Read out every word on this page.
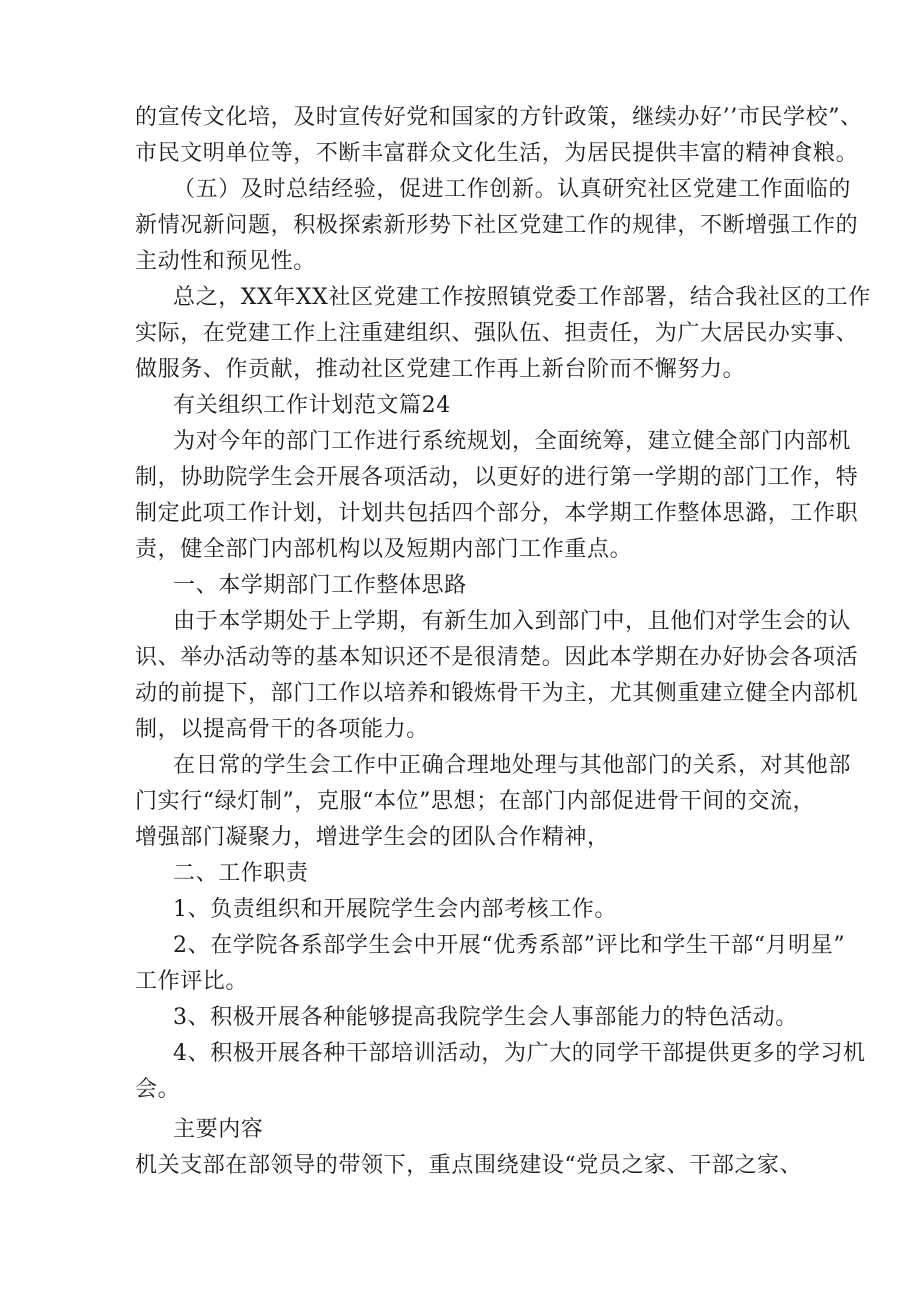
的宣传文化培，及时宣传好党和国家的方针政策，继续办好’’市民学校”、
市民文明单位等，不断丰富群众文化生活，为居民提供丰富的精神食粮。
（五）及时总结经验，促进工作创新。认真研究社区党建工作面临的
新情况新问题，积极探索新形势下社区党建工作的规律，不断增强工作的
主动性和预见性。
总之，XX年XX社区党建工作按照镇党委工作部署，结合我社区的工作
实际，在党建工作上注重建组织、强队伍、担责任，为广大居民办实事、
做服务、作贡献，推动社区党建工作再上新台阶而不懈努力。
有关组织工作计划范文篇24
为对今年的部门工作进行系统规划，全面统筹，建立健全部门内部机
制，协助院学生会开展各项活动，以更好的进行第一学期的部门工作，特
制定此项工作计划，计划共包括四个部分，本学期工作整体思潞，工作职
责，健全部门内部机构以及短期内部门工作重点。
一、本学期部门工作整体思路
由于本学期处于上学期，有新生加入到部门中，且他们对学生会的认
识、举办活动等的基本知识还不是很清楚。因此本学期在办好协会各项活
动的前提下，部门工作以培养和锻炼骨干为主，尤其侧重建立健全内部机
制，以提高骨干的各项能力。
在日常的学生会工作中正确合理地处理与其他部门的关系，对其他部
门实行“绿灯制”，克服“本位”思想；在部门内部促进骨干间的交流，
增强部门凝聚力，增进学生会的团队合作精神，
二、工作职责
1、负责组织和开展院学生会内部考核工作。
2、在学院各系部学生会中开展“优秀系部”评比和学生干部“月明星”
工作评比。
3、积极开展各种能够提高我院学生会人事部能力的特色活动。
4、积极开展各种干部培训活动，为广大的同学干部提供更多的学习机
会。
主要内容
机关支部在部领导的带领下，重点围绕建设“党员之家、干部之家、
